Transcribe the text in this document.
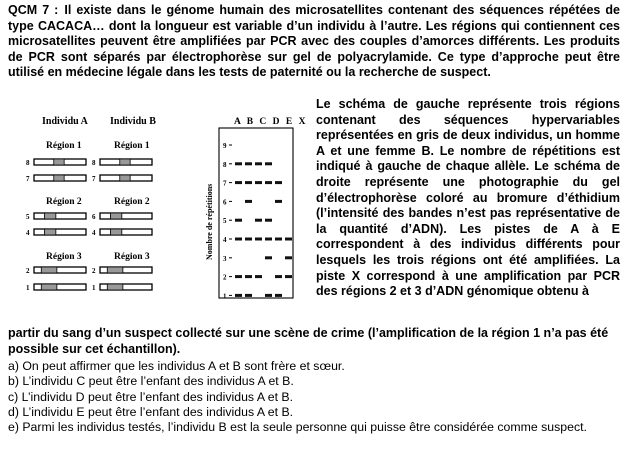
QCM 7 : Il existe dans le génome humain des microsatellites contenant des séquences répétées de type CACACA… dont la longueur est variable d’un individu à l’autre. Les régions qui contiennent ces microsatellites peuvent être amplifiées par PCR avec des couples d’amorces différents. Les produits de PCR sont séparés par électrophorèse sur gel de polyacrylamide. Ce type d’approche peut être utilisé en médecine légale dans les tests de paternité ou la recherche de suspect.
Individu A Individu B
Région 1	Région 1
Région 2	Région 2
Région 3	Région 3
8
7
8
7
5
4
6
4
2
1
2
1
A B C D E X
Nombre de répétitions
9
8
7
6
5
4
3
2
1
Le schéma de gauche représente trois régions contenant des séquences hypervariables représentées en gris de deux individus, un homme A et une femme B. Le nombre de répétitions est indiqué à gauche de chaque allèle. Le schéma de droite représente une photographie du gel d’électrophorèse coloré au bromure d’éthidium (l’intensité des bandes n’est pas représentative de la quantité d’ADN). Les pistes de A à E correspondent à des individus différents pour lesquels les trois régions ont été amplifiées. La piste X correspond à une amplification par PCR des régions 2 et 3 d’ADN génomique obtenu à
partir du sang d’un suspect collecté sur une scène de crime (l’amplification de la région 1 n’a pas été possible sur cet échantillon).
a) On peut affirmer que les individus A et B sont frère et sœur.
b) L’individu C peut être l’enfant des individus A et B.
c) L’individu D peut être l’enfant des individus A et B.
d) L’individu E peut être l’enfant des individus A et B.
e) Parmi les individus testés, l’individu B est la seule personne qui puisse être considérée comme suspect.
